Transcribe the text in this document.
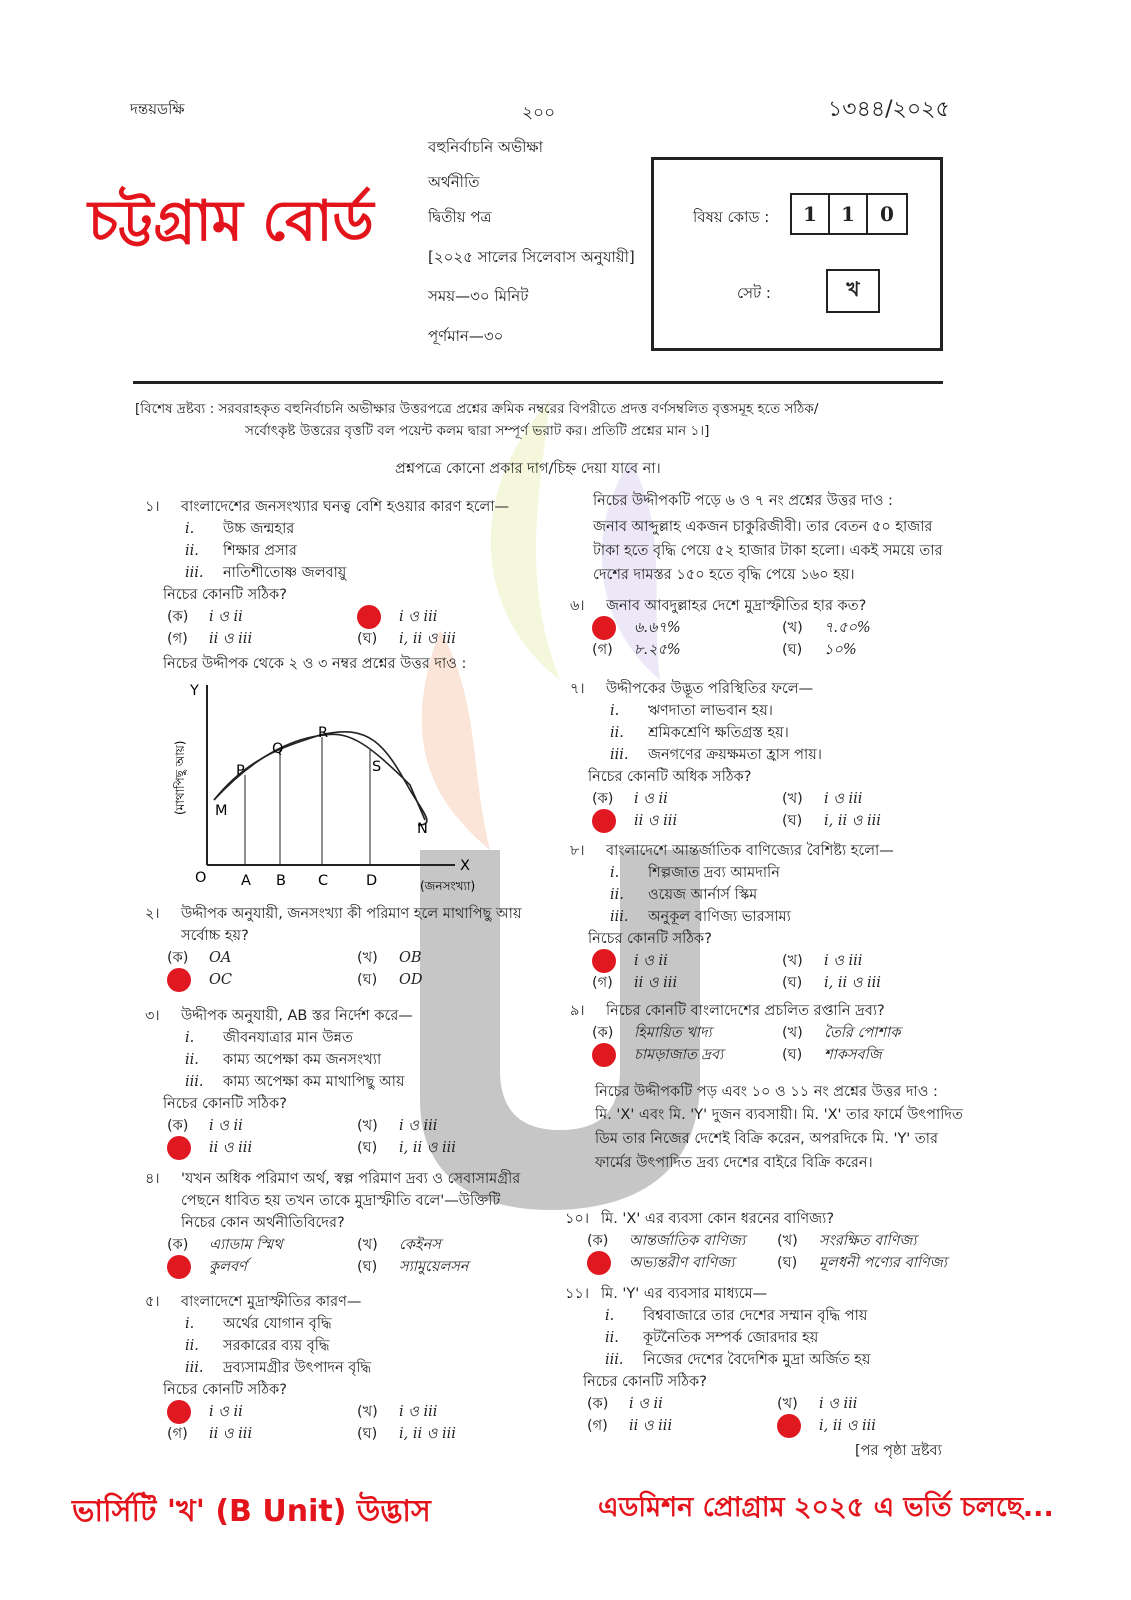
দন্তয়ডক্ষি	২০০	১৩৪৪/২০২৫
চট্টগ্রাম বোর্ড
বহুনির্বাচনি অভীক্ষা
অর্থনীতি
দ্বিতীয় পত্র
[২০২৫ সালের সিলেবাস অনুযায়ী]
সময়—৩০ মিনিট
পূর্ণমান—৩০
বিষয় কোড :	1	1	0
সেট :	খ
[বিশেষ দ্রষ্টব্য : সরবরাহকৃত বহুনির্বাচনি অভীক্ষার উত্তরপত্রে প্রশ্নের ক্রমিক নম্বরের বিপরীতে প্রদত্ত বর্ণসম্বলিত বৃত্তসমূহ হতে সঠিক/
সর্বোৎকৃষ্ট উত্তরের বৃত্তটি বল পয়েন্ট কলম দ্বারা সম্পূর্ণ ভরাট কর। প্রতিটি প্রশ্নের মান ১।]
প্রশ্নপত্রে কোনো প্রকার দাগ/চিহ্ন দেয়া যাবে না।
নিচের উদ্দীপক থেকে ২ ও ৩ নম্বর প্রশ্নের উত্তর দাও :
নিচের উদ্দীপকটি পড়ে ৬ ও ৭ নং প্রশ্নের উত্তর দাও :
জনাব আব্দুল্লাহ একজন চাকুরিজীবী। তার বেতন ৫০ হাজার টাকা হতে বৃদ্ধি পেয়ে ৫২ হাজার টাকা হলো। একই সময়ে তার দেশের দামস্তর ১৫০ হতে বৃদ্ধি পেয়ে ১৬০ হয়।
নিচের উদ্দীপকটি পড় এবং ১০ ও ১১ নং প্রশ্নের উত্তর দাও :
মি. 'X' এবং মি. 'Y' দুজন ব্যবসায়ী। মি. 'X' তার ফার্মে উৎপাদিত ডিম তার নিজের দেশেই বিক্রি করেন, অপরদিকে মি. 'Y' তার ফার্মের উৎপাদিত দ্রব্য দেশের বাইরে বিক্রি করেন।
Y
X
O A B C	D
M
P
Q
R
S
N
(মাথাপিছু আয়)
(জনসংখ্যা)
১।	বাংলাদেশের জনসংখ্যার ঘনত্ব বেশি হওয়ার কারণ হলো—
i.	উচ্চ জন্মহার
ii.	শিক্ষার প্রসার
iii.	নাতিশীতোষ্ণ জলবায়ু
নিচের কোনটি সঠিক?
(ক)	i ও ii	i ও iii
(গ)	ii ও iii	(ঘ)	i, ii ও iii
২।	উদ্দীপক অনুযায়ী, জনসংখ্যা কী পরিমাণ হলে মাথাপিছু আয় সর্বোচ্চ হয়?
(ক)	OA	(খ)	OB
OC	(ঘ)	OD
৩।	উদ্দীপক অনুযায়ী, AB স্তর নির্দেশ করে—
i.	জীবনযাত্রার মান উন্নত
ii.	কাম্য অপেক্ষা কম জনসংখ্যা
iii.	কাম্য অপেক্ষা কম মাথাপিছু আয়
নিচের কোনটি সঠিক?
(ক)	i ও ii	(খ)	i ও iii
ii ও iii	(ঘ)	i, ii ও iii
৪।	'যখন অধিক পরিমাণ অর্থ, স্বল্প পরিমাণ দ্রব্য ও সেবাসামগ্রীর পেছনে ধাবিত হয় তখন তাকে মুদ্রাস্ফীতি বলে'—উক্তিটি নিচের কোন অর্থনীতিবিদের?
(ক)	এ্যাডাম স্মিথ	(খ)	কেইনস
কুলবর্ণ	(ঘ)	স্যামুয়েলসন
৫।	বাংলাদেশে মুদ্রাস্ফীতির কারণ—
i.	অর্থের যোগান বৃদ্ধি
ii.	সরকারের ব্যয় বৃদ্ধি
iii.	দ্রব্যসামগ্রীর উৎপাদন বৃদ্ধি
নিচের কোনটি সঠিক?
i ও ii	(খ)	i ও iii
(গ)	ii ও iii	(ঘ)	i, ii ও iii
৬।	জনাব আবদুল্লাহর দেশে মুদ্রাস্ফীতির হার কত?
৬.৬৭%	(খ)	৭.৫০%
(গ)	৮.২৫%	(ঘ)	১০%
৭।	উদ্দীপকের উদ্ভূত পরিস্থিতির ফলে—
i.	ঋণদাতা লাভবান হয়।
ii.	শ্রমিকশ্রেণি ক্ষতিগ্রস্ত হয়।
iii.	জনগণের ক্রয়ক্ষমতা হ্রাস পায়।
নিচের কোনটি অধিক সঠিক?
(ক)	i ও ii	(খ)	i ও iii
ii ও iii	(ঘ)	i, ii ও iii
৮।	বাংলাদেশে আন্তর্জাতিক বাণিজ্যের বৈশিষ্ট্য হলো—
i.	শিল্পজাত দ্রব্য আমদানি
ii.	ওয়েজ আর্নার্স স্কিম
iii.	অনুকূল বাণিজ্য ভারসাম্য
নিচের কোনটি সঠিক?
i ও ii	(খ)	i ও iii
(গ)	ii ও iii	(ঘ)	i, ii ও iii
৯।	নিচের কোনটি বাংলাদেশের প্রচলিত রপ্তানি দ্রব্য?
(ক)	হিমায়িত খাদ্য	(খ)	তৈরি পোশাক
চামড়াজাত দ্রব্য	(ঘ)	শাকসবজি
১০। মি. 'X' এর ব্যবসা কোন ধরনের বাণিজ্য?
(ক)	আন্তর্জাতিক বাণিজ্য (খ)	সংরক্ষিত বাণিজ্য
অভ্যন্তরীণ বাণিজ্য	(ঘ)	মূলধনী পণ্যের বাণিজ্য
১১। মি. 'Y' এর ব্যবসার মাধ্যমে—
i.	বিশ্ববাজারে তার দেশের সম্মান বৃদ্ধি পায়
ii.	কূটনৈতিক সম্পর্ক জোরদার হয়
iii.	নিজের দেশের বৈদেশিক মুদ্রা অর্জিত হয়
নিচের কোনটি সঠিক?
(ক)	i ও ii	(খ)	i ও iii
(গ)	ii ও iii	i, ii ও iii
[পর পৃষ্ঠা দ্রষ্টব্য
ভার্সিটি 'খ' (B Unit) উদ্ভাস	এডমিশন প্রোগ্রাম ২০২৫ এ ভর্তি চলছে...
